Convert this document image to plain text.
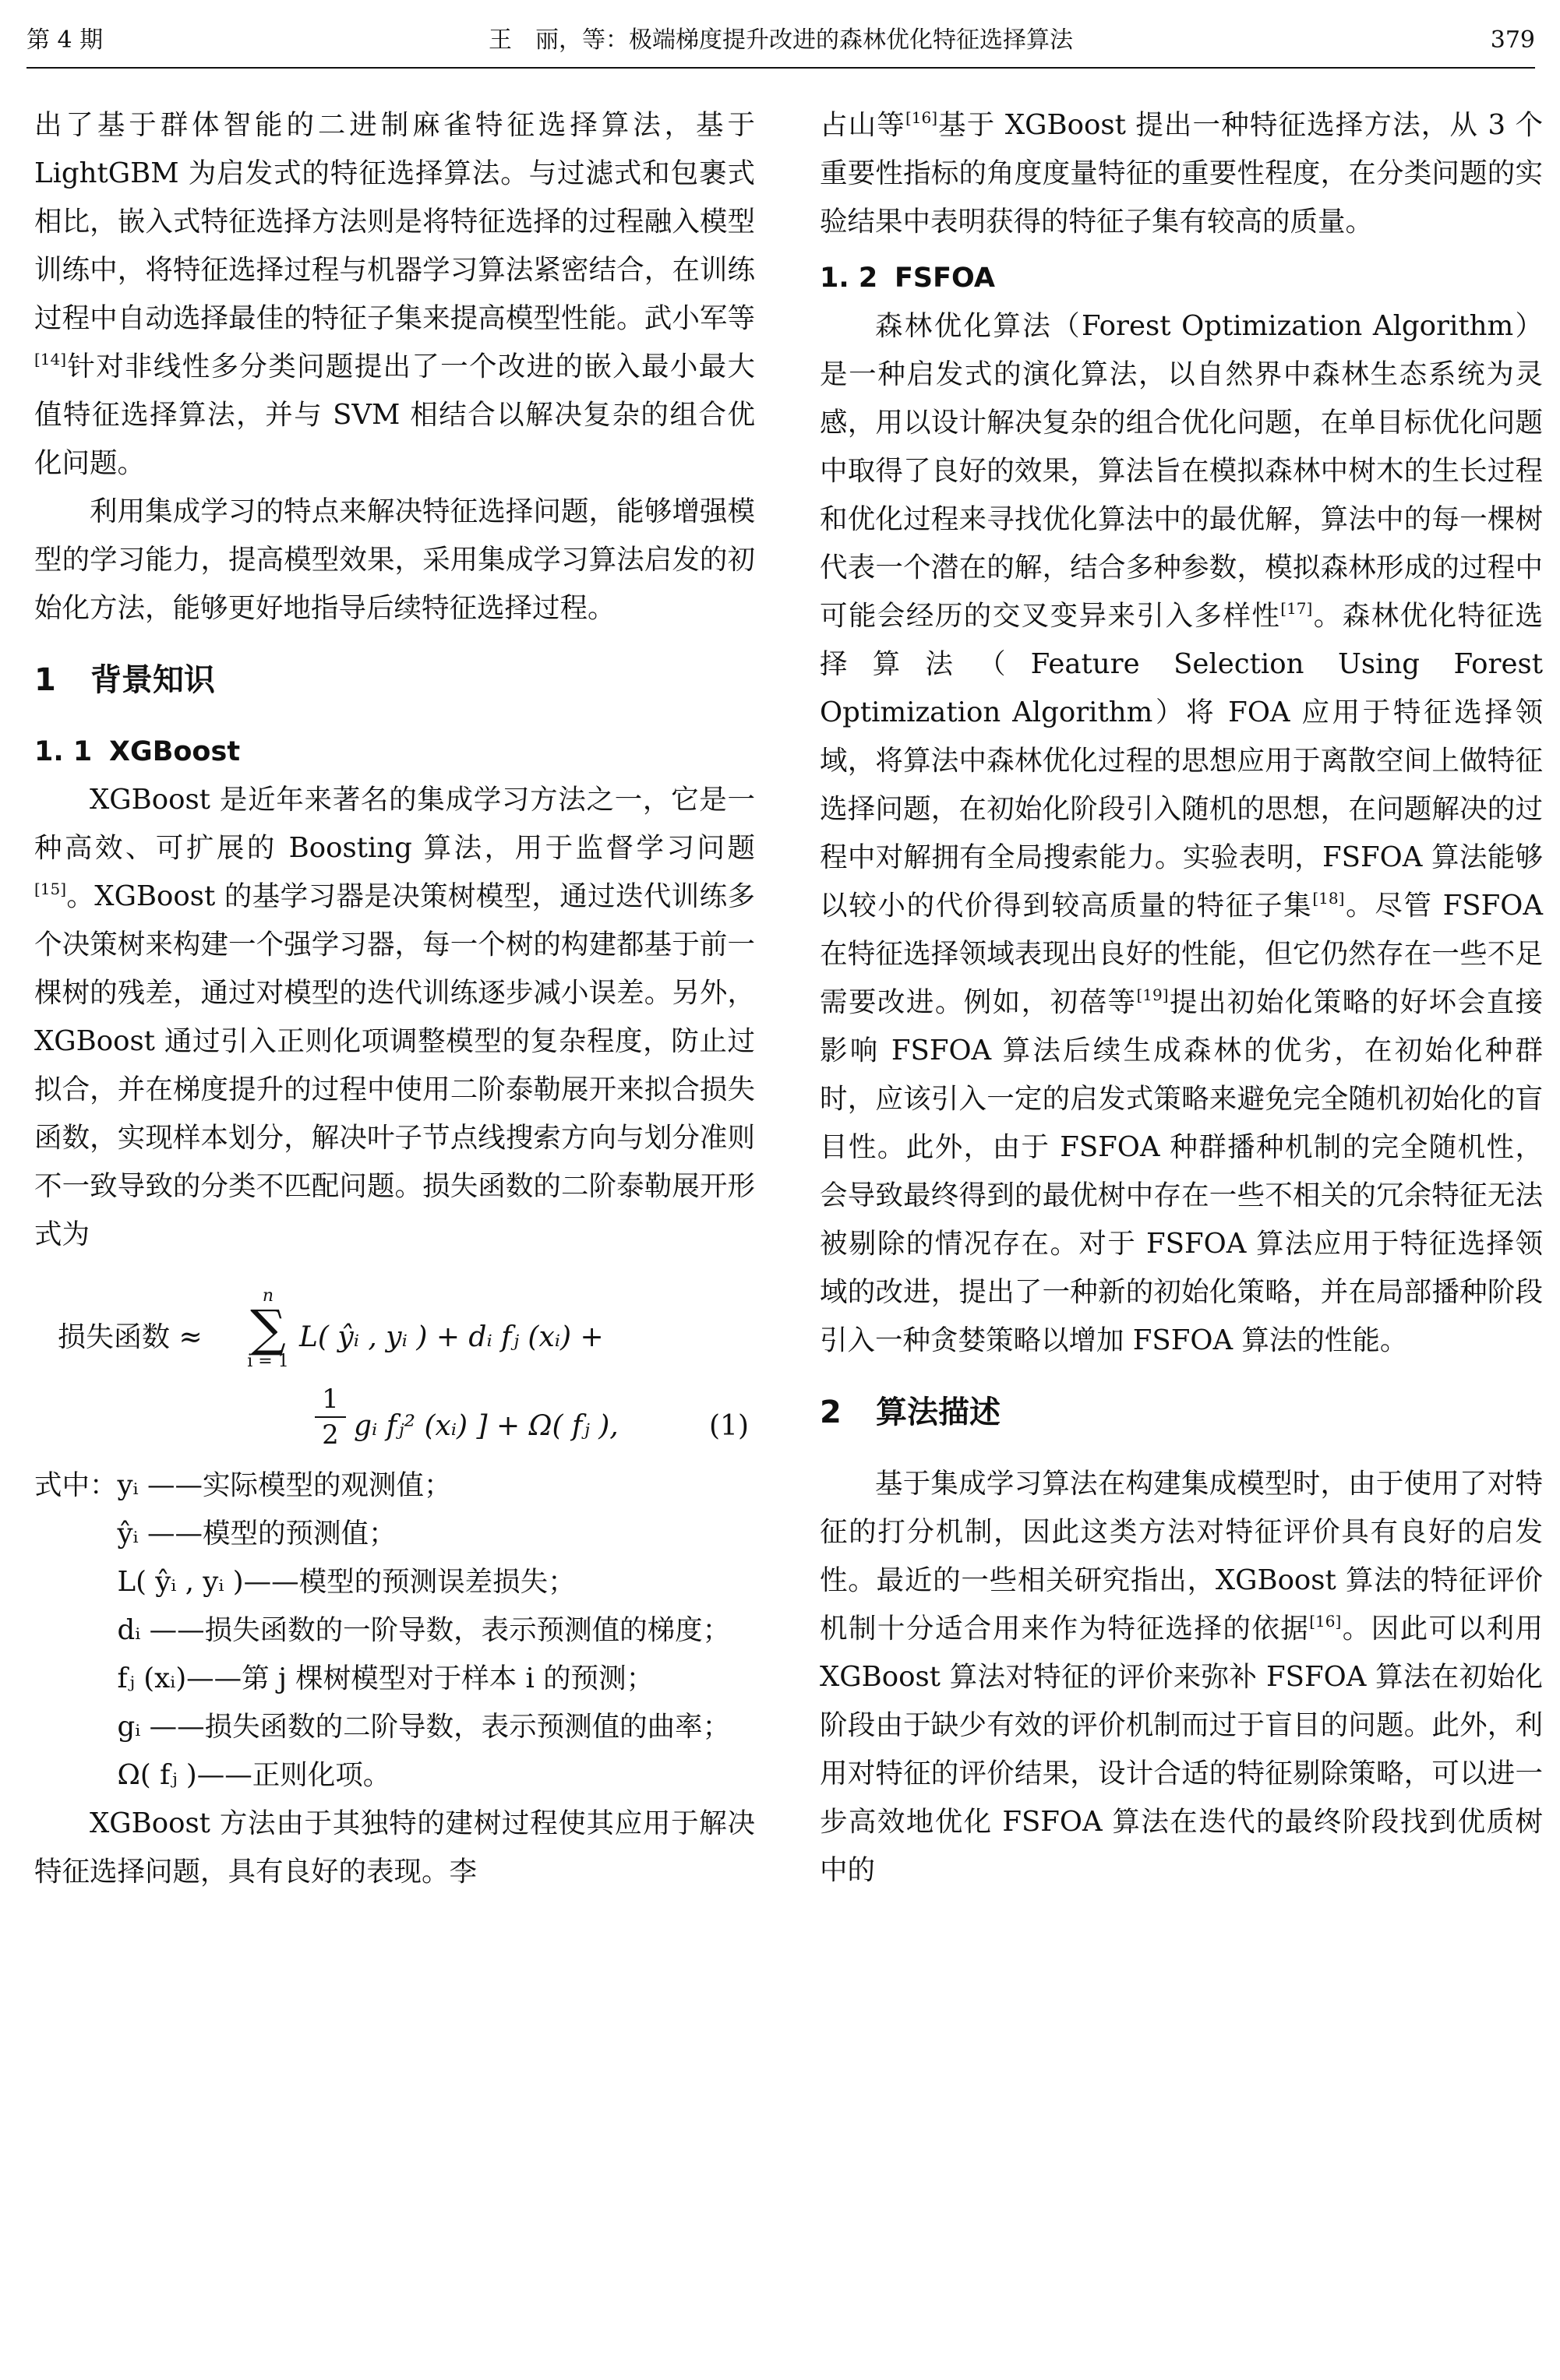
第 4 期	王　丽，等：极端梯度提升改进的森林优化特征选择算法	379

出了基于群体智能的二进制麻雀特征选择算法，基于 LightGBM 为启发式的特征选择算法。与过滤式和包裹式相比，嵌入式特征选择方法则是将特征选择的过程融入模型训练中，将特征选择过程与机器学习算法紧密结合，在训练过程中自动选择最佳的特征子集来提高模型性能。武小军等[14]针对非线性多分类问题提出了一个改进的嵌入最小最大值特征选择算法，并与 SVM 相结合以解决复杂的组合优化问题。

利用集成学习的特点来解决特征选择问题，能够增强模型的学习能力，提高模型效果，采用集成学习算法启发的初始化方法，能够更好地指导后续特征选择过程。

1 背景知识
1. 1 XGBoost

XGBoost 是近年来著名的集成学习方法之一，它是一种高效、可扩展的 Boosting 算法，用于监督学习问题[15]。XGBoost 的基学习器是决策树模型，通过迭代训练多个决策树来构建一个强学习器，每一个树的构建都基于前一棵树的残差，通过对模型的迭代训练逐步减小误差。另外，XGBoost 通过引入正则化项调整模型的复杂程度，防止过拟合，并在梯度提升的过程中使用二阶泰勒展开来拟合损失函数，实现样本划分，解决叶子节点线搜索方向与划分准则不一致导致的分类不匹配问题。损失函数的二阶泰勒展开形式为

损失函数 ≈
n
∑
i = 1
L( ŷᵢ , yᵢ ) + dᵢ fⱼ (xᵢ) +
1
2 gᵢ fⱼ² (xᵢ) ] + Ω( fⱼ ),	(1)

式中：yᵢ ——实际模型的观测值；

　　　ŷᵢ ——模型的预测值；

　　　L( ŷᵢ , yᵢ )——模型的预测误差损失；

　　　dᵢ ——损失函数的一阶导数，表示预测值的梯度；

　　　fⱼ (xᵢ)——第 j 棵树模型对于样本 i 的预测；

　　　gᵢ ——损失函数的二阶导数，表示预测值的曲率；

　　　Ω( fⱼ )——正则化项。

XGBoost 方法由于其独特的建树过程使其应用于解决特征选择问题，具有良好的表现。李

占山等[16]基于 XGBoost 提出一种特征选择方法，从 3 个重要性指标的角度度量特征的重要性程度，在分类问题的实验结果中表明获得的特征子集有较高的质量。

1. 2 FSFOA

森林优化算法（Forest Optimization Algorithm）是一种启发式的演化算法，以自然界中森林生态系统为灵感，用以设计解决复杂的组合优化问题，在单目标优化问题中取得了良好的效果，算法旨在模拟森林中树木的生长过程和优化过程来寻找优化算法中的最优解，算法中的每一棵树代表一个潜在的解，结合多种参数，模拟森林形成的过程中可能会经历的交叉变异来引入多样性[17]。森林优化特征选择算法（Feature Selection Using Forest Optimization Algorithm）将 FOA 应用于特征选择领域，将算法中森林优化过程的思想应用于离散空间上做特征选择问题，在初始化阶段引入随机的思想，在问题解决的过程中对解拥有全局搜索能力。实验表明，FSFOA 算法能够以较小的代价得到较高质量的特征子集[18]。尽管 FSFOA 在特征选择领域表现出良好的性能，但它仍然存在一些不足需要改进。例如，初蓓等[19]提出初始化策略的好坏会直接影响 FSFOA 算法后续生成森林的优劣，在初始化种群时，应该引入一定的启发式策略来避免完全随机初始化的盲目性。此外，由于 FSFOA 种群播种机制的完全随机性，会导致最终得到的最优树中存在一些不相关的冗余特征无法被剔除的情况存在。对于 FSFOA 算法应用于特征选择领域的改进，提出了一种新的初始化策略，并在局部播种阶段引入一种贪婪策略以增加 FSFOA 算法的性能。

2 算法描述

基于集成学习算法在构建集成模型时，由于使用了对特征的打分机制，因此这类方法对特征评价具有良好的启发性。最近的一些相关研究指出，XGBoost 算法的特征评价机制十分适合用来作为特征选择的依据[16]。因此可以利用 XGBoost 算法对特征的评价来弥补 FSFOA 算法在初始化阶段由于缺少有效的评价机制而过于盲目的问题。此外，利用对特征的评价结果，设计合适的特征剔除策略，可以进一步高效地优化 FSFOA 算法在迭代的最终阶段找到优质树中的
